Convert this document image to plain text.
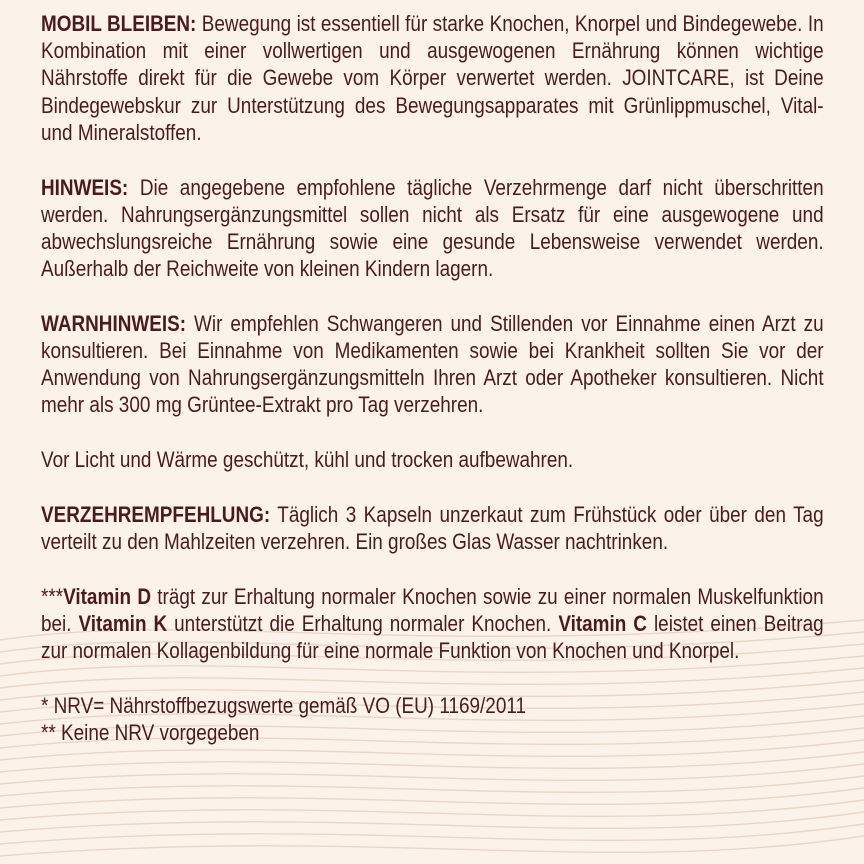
MOBIL BLEIBEN: Bewegung ist essentiell für starke Knochen, Knorpel und Bindegewebe. In Kombination mit einer vollwertigen und ausgewogenen Ernährung können wichtige Nährstoffe direkt für die Gewebe vom Körper verwertet werden. JOINTCARE, ist Deine Bindegewebskur zur Unterstützung des Bewegungsapparates mit Grünlippmuschel, Vital- und Mineralstoffen.

HINWEIS: Die angegebene empfohlene tägliche Verzehrmenge darf nicht überschritten werden. Nahrungsergänzungsmittel sollen nicht als Ersatz für eine ausgewogene und abwechslungsreiche Ernährung sowie eine gesunde Lebensweise verwendet werden. Außerhalb der Reichweite von kleinen Kindern lagern.

WARNHINWEIS: Wir empfehlen Schwangeren und Stillenden vor Einnahme einen Arzt zu konsultieren. Bei Einnahme von Medikamenten sowie bei Krankheit sollten Sie vor der Anwendung von Nahrungsergänzungsmitteln Ihren Arzt oder Apotheker konsultieren. Nicht mehr als 300 mg Grüntee-Extrakt pro Tag verzehren.

Vor Licht und Wärme geschützt, kühl und trocken aufbewahren.

VERZEHREMPFEHLUNG: Täglich 3 Kapseln unzerkaut zum Frühstück oder über den Tag verteilt zu den Mahlzeiten verzehren. Ein großes Glas Wasser nachtrinken.

***Vitamin D trägt zur Erhaltung normaler Knochen sowie zu einer normalen Muskelfunktion bei. Vitamin K unterstützt die Erhaltung normaler Knochen. Vitamin C leistet einen Beitrag zur normalen Kollagenbildung für eine normale Funktion von Knochen und Knorpel.

* NRV= Nährstoffbezugswerte gemäß VO (EU) 1169/2011

** Keine NRV vorgegeben
